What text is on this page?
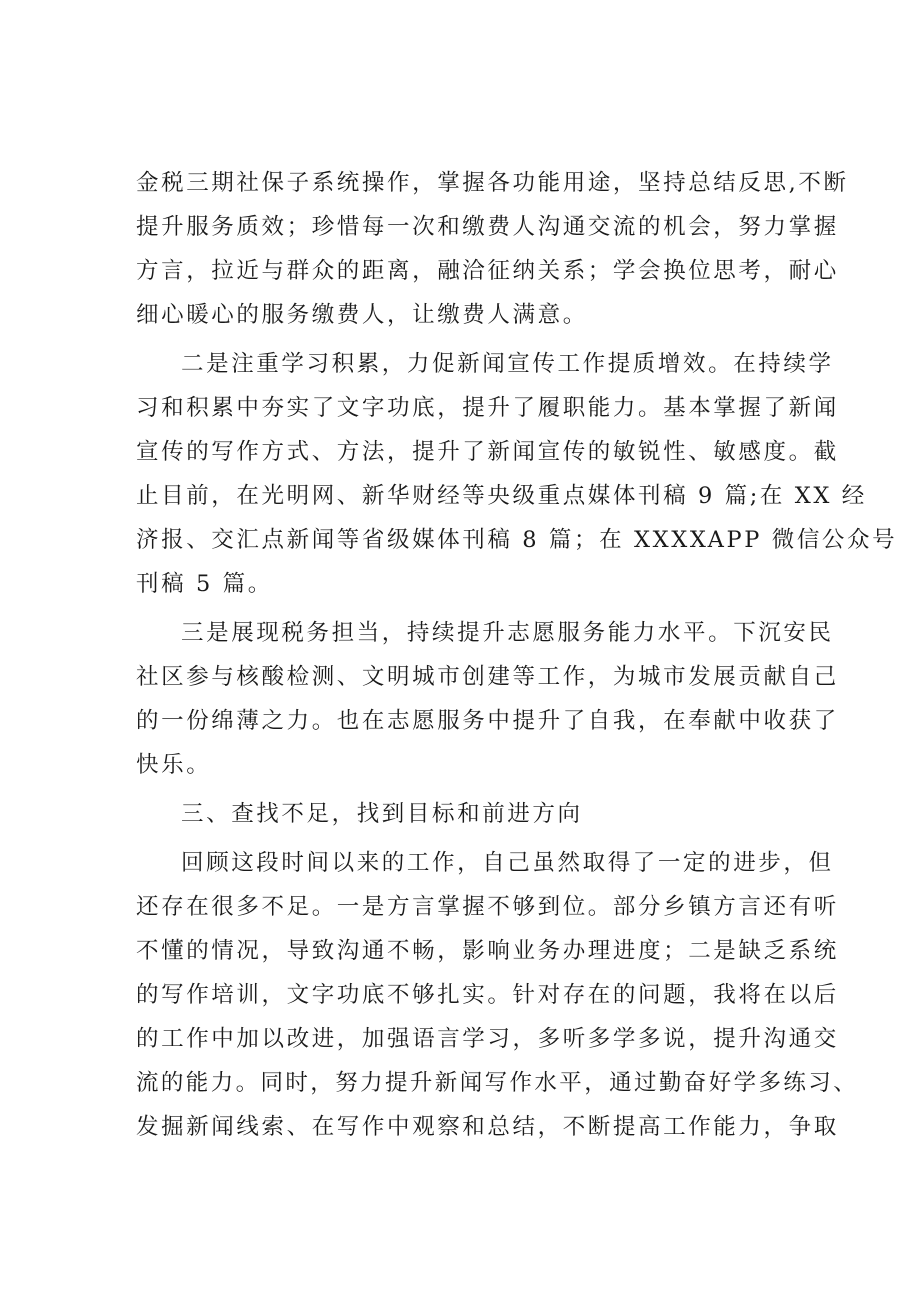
金税三期社保子系统操作，掌握各功能用途，坚持总结反思,不断
提升服务质效；珍惜每一次和缴费人沟通交流的机会，努力掌握
方言，拉近与群众的距离，融洽征纳关系；学会换位思考，耐心
细心暖心的服务缴费人，让缴费人满意。
二是注重学习积累，力促新闻宣传工作提质增效。在持续学
习和积累中夯实了文字功底，提升了履职能力。基本掌握了新闻
宣传的写作方式、方法，提升了新闻宣传的敏锐性、敏感度。截
止目前，在光明网、新华财经等央级重点媒体刊稿 9 篇;在 XX 经
济报、交汇点新闻等省级媒体刊稿 8 篇；在 XXXXAPP 微信公众号
刊稿 5 篇。
三是展现税务担当，持续提升志愿服务能力水平。下沉安民
社区参与核酸检测、文明城市创建等工作，为城市发展贡献自己
的一份绵薄之力。也在志愿服务中提升了自我，在奉献中收获了
快乐。
三、查找不足，找到目标和前进方向
回顾这段时间以来的工作，自己虽然取得了一定的进步，但
还存在很多不足。一是方言掌握不够到位。部分乡镇方言还有听
不懂的情况，导致沟通不畅，影响业务办理进度；二是缺乏系统
的写作培训，文字功底不够扎实。针对存在的问题，我将在以后
的工作中加以改进，加强语言学习，多听多学多说，提升沟通交
流的能力。同时，努力提升新闻写作水平，通过勤奋好学多练习、
发掘新闻线索、在写作中观察和总结，不断提高工作能力，争取
